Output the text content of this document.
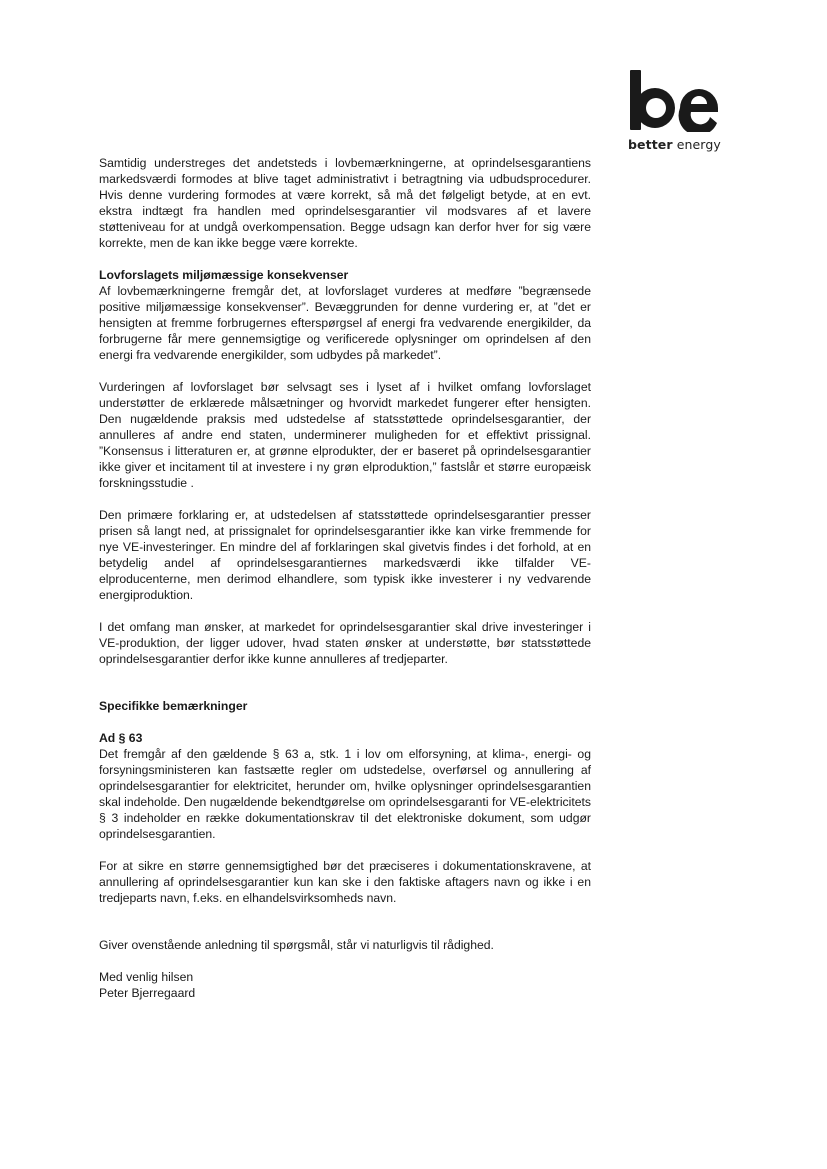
better energy

Samtidig understreges det andetsteds i lovbemærkningerne, at oprindelsesgarantiens markedsværdi formodes at blive taget administrativt i betragtning via udbudsprocedurer. Hvis denne vurdering formodes at være korrekt, så må det følgeligt betyde, at en evt. ekstra indtægt fra handlen med oprindelsesgarantier vil modsvares af et lavere støtteniveau for at undgå overkompensation. Begge udsagn kan derfor hver for sig være korrekte, men de kan ikke begge være korrekte.

Lovforslagets miljømæssige konsekvenser

Af lovbemærkningerne fremgår det, at lovforslaget vurderes at medføre ”begrænsede positive miljømæssige konsekvenser”. Bevæggrunden for denne vurdering er, at ”det er hensigten at fremme forbrugernes efterspørgsel af energi fra vedvarende energikilder, da forbrugerne får mere gennemsigtige og verificerede oplysninger om oprindelsen af den energi fra vedvarende energikilder, som udbydes på markedet”.

Vurderingen af lovforslaget bør selvsagt ses i lyset af i hvilket omfang lovforslaget understøtter de erklærede målsætninger og hvorvidt markedet fungerer efter hensigten. Den nugældende praksis med udstedelse af statsstøttede oprindelsesgarantier, der annulleres af andre end staten, underminerer muligheden for et effektivt prissignal. ”Konsensus i litteraturen er, at grønne elprodukter, der er baseret på oprindelsesgarantier ikke giver et incitament til at investere i ny grøn elproduktion,” fastslår et større europæisk forskningsstudie .

Den primære forklaring er, at udstedelsen af statsstøttede oprindelsesgarantier presser prisen så langt ned, at prissignalet for oprindelsesgarantier ikke kan virke fremmende for nye VE-investeringer. En mindre del af forklaringen skal givetvis findes i det forhold, at en betydelig andel af oprindelsesgarantiernes markedsværdi ikke tilfalder VE-elproducenterne, men derimod elhandlere, som typisk ikke investerer i ny vedvarende energiproduktion.

I det omfang man ønsker, at markedet for oprindelsesgarantier skal drive investeringer i VE-produktion, der ligger udover, hvad staten ønsker at understøtte, bør statsstøttede oprindelsesgarantier derfor ikke kunne annulleres af tredjeparter.

Specifikke bemærkninger

Ad § 63

Det fremgår af den gældende § 63 a, stk. 1 i lov om elforsyning, at klima-, energi- og forsyningsministeren kan fastsætte regler om udstedelse, overførsel og annullering af oprindelsesgarantier for elektricitet, herunder om, hvilke oplysninger oprindelsesgarantien skal indeholde. Den nugældende bekendtgørelse om oprindelsesgaranti for VE-elektricitets § 3 indeholder en række dokumentationskrav til det elektroniske dokument, som udgør oprindelsesgarantien.

For at sikre en større gennemsigtighed bør det præciseres i dokumentationskravene, at annullering af oprindelsesgarantier kun kan ske i den faktiske aftagers navn og ikke i en tredjeparts navn, f.eks. en elhandelsvirksomheds navn.

Giver ovenstående anledning til spørgsmål, står vi naturligvis til rådighed.

Med venlig hilsen

Peter Bjerregaard
